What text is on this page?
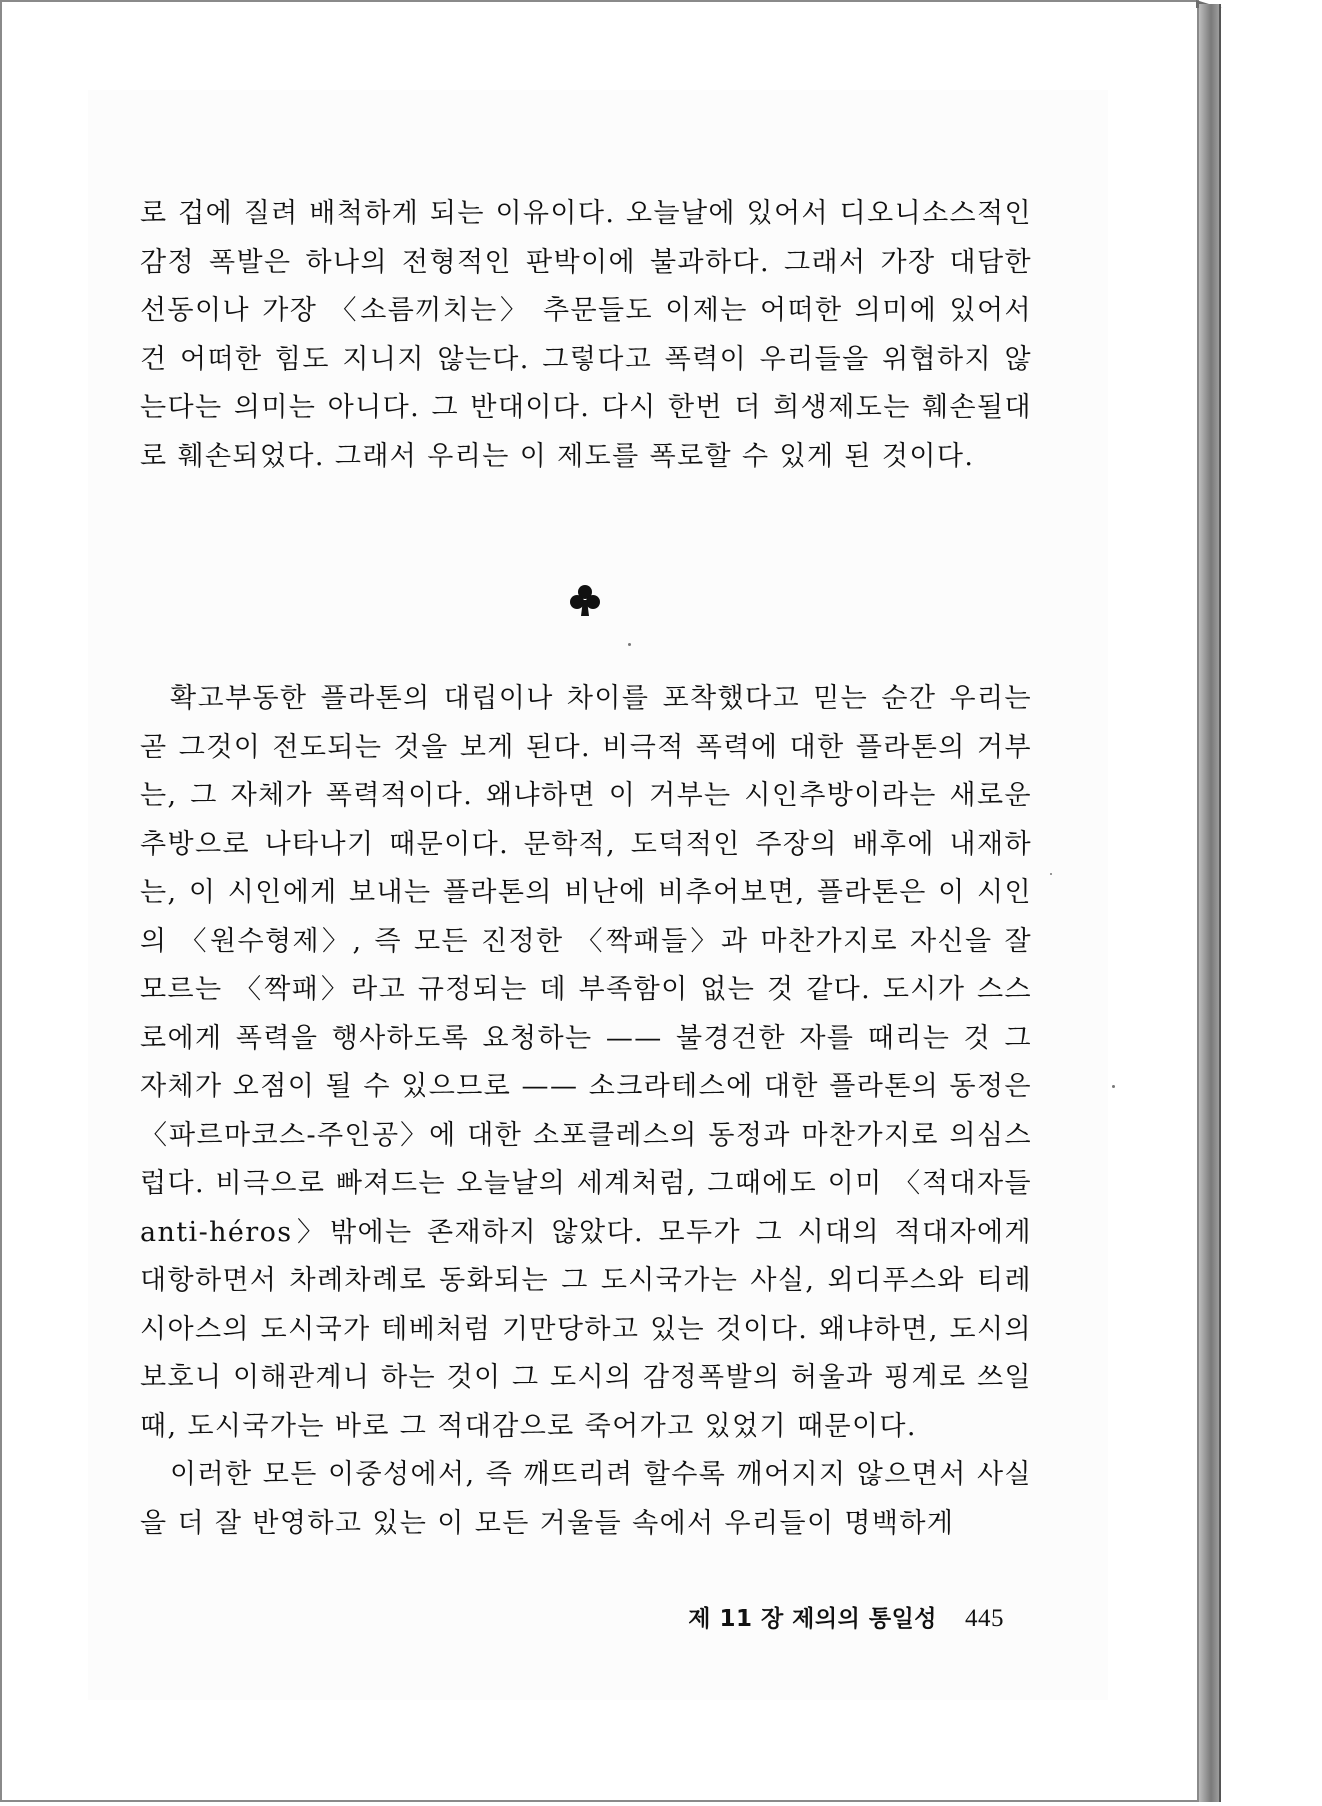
로 겁에 질려 배척하게 되는 이유이다. 오늘날에 있어서 디오니소스적인 감정 폭발은 하나의 전형적인 판박이에 불과하다. 그래서 가장 대담한 선동이나 가장 〈소름끼치는〉 추문들도 이제는 어떠한 의미에 있어서건 어떠한 힘도 지니지 않는다. 그렇다고 폭력이 우리들을 위협하지 않는다는 의미는 아니다. 그 반대이다. 다시 한번 더 희생제도는 훼손될대로 훼손되었다. 그래서 우리는 이 제도를 폭로할 수 있게 된 것이다.

확고부동한 플라톤의 대립이나 차이를 포착했다고 믿는 순간 우리는 곧 그것이 전도되는 것을 보게 된다. 비극적 폭력에 대한 플라톤의 거부는, 그 자체가 폭력적이다. 왜냐하면 이 거부는 시인추방이라는 새로운 추방으로 나타나기 때문이다. 문학적, 도덕적인 주장의 배후에 내재하는, 이 시인에게 보내는 플라톤의 비난에 비추어보면, 플라톤은 이 시인의 〈원수형제〉, 즉 모든 진정한 〈짝패들〉과 마찬가지로 자신을 잘 모르는 〈짝패〉라고 규정되는 데 부족함이 없는 것 같다. 도시가 스스로에게 폭력을 행사하도록 요청하는 —— 불경건한 자를 때리는 것 그 자체가 오점이 될 수 있으므로 —— 소크라테스에 대한 플라톤의 동정은 〈파르마코스-주인공〉에 대한 소포클레스의 동정과 마찬가지로 의심스럽다. 비극으로 빠져드는 오늘날의 세계처럼, 그때에도 이미 〈적대자들 anti-héros〉밖에는 존재하지 않았다. 모두가 그 시대의 적대자에게 대항하면서 차례차례로 동화되는 그 도시국가는 사실, 외디푸스와 티레시아스의 도시국가 테베처럼 기만당하고 있는 것이다. 왜냐하면, 도시의 보호니 이해관계니 하는 것이 그 도시의 감정폭발의 허울과 핑계로 쓰일 때, 도시국가는 바로 그 적대감으로 죽어가고 있었기 때문이다.

이러한 모든 이중성에서, 즉 깨뜨리려 할수록 깨어지지 않으면서 사실을 더 잘 반영하고 있는 이 모든 거울들 속에서 우리들이 명백하게

제 11 장 제의의 통일성 445
